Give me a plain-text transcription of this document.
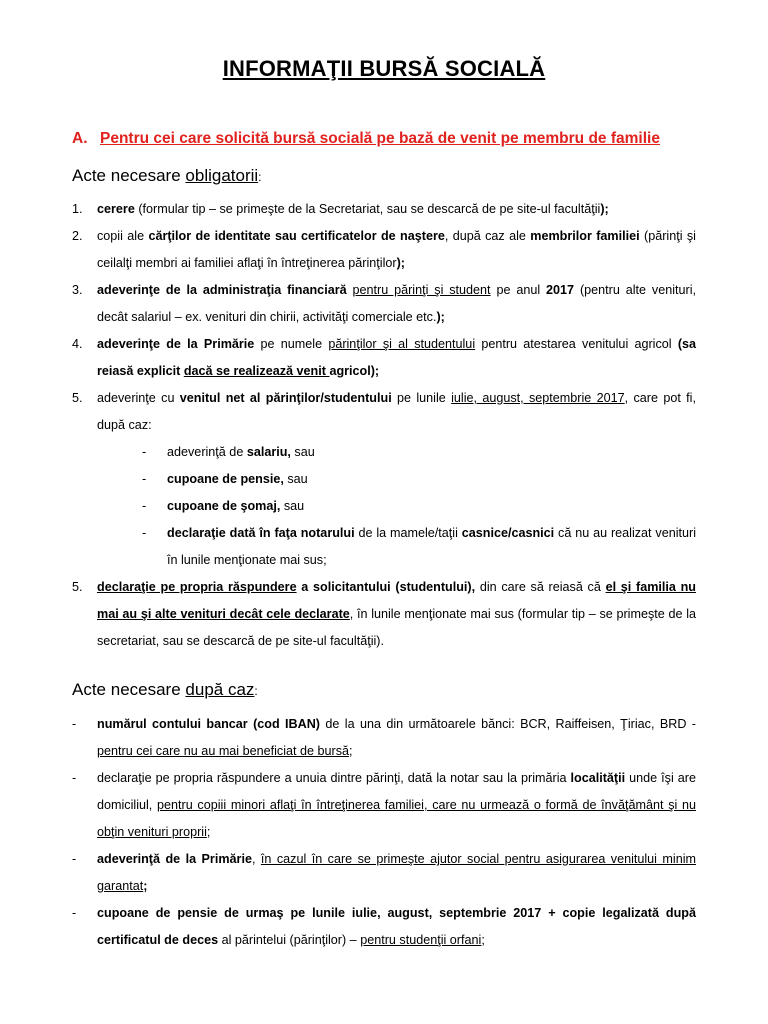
INFORMAŢII BURSĂ SOCIALĂ
A. Pentru cei care solicită bursă socială pe bază de venit pe membru de familie
Acte necesare obligatorii:
1. cerere (formular tip – se primeşte de la Secretariat, sau se descarcă de pe site-ul facultăţii);
2. copii ale cărţilor de identitate sau certificatelor de naştere, după caz ale membrilor familiei (părinţi şi ceilalţi membri ai familiei aflaţi în întreţinerea părinţilor);
3. adeverinţe de la administraţia financiară pentru părinţi şi student pe anul 2017 (pentru alte venituri, decât salariul – ex. venituri din chirii, activităţi comerciale etc.);
4. adeverinţe de la Primărie pe numele părinţilor şi al studentului pentru atestarea venitului agricol (sa reiasă explicit dacă se realizează venit agricol);
5. adeverinţe cu venitul net al părinţilor/studentului pe lunile iulie, august, septembrie 2017, care pot fi, după caz:
- adeverinţă de salariu, sau
- cupoane de pensie, sau
- cupoane de şomaj, sau
- declaraţie dată în faţa notarului de la mamele/taţii casnice/casnici că nu au realizat venituri în lunile menţionate mai sus;
5. declaraţie pe propria răspundere a solicitantului (studentului), din care să reiasă că el şi familia nu mai au şi alte venituri decât cele declarate, în lunile menţionate mai sus (formular tip – se primeşte de la secretariat, sau se descarcă de pe site-ul facultăţii).
Acte necesare după caz:
- numărul contului bancar (cod IBAN) de la una din următoarele bănci: BCR, Raiffeisen, Ţiriac, BRD - pentru cei care nu au mai beneficiat de bursă;
- declaraţie pe propria răspundere a unuia dintre părinţi, dată la notar sau la primăria localităţii unde îşi are domiciliul, pentru copiii minori aflaţi în întreţinerea familiei, care nu urmează o formă de învăţământ şi nu obţin venituri proprii;
- adeverinţă de la Primărie, în cazul în care se primeşte ajutor social pentru asigurarea venitului minim garantat;
- cupoane de pensie de urmaş pe lunile iulie, august, septembrie 2017 + copie legalizată după certificatul de deces al părintelui (părinţilor) – pentru studenţii orfani;
